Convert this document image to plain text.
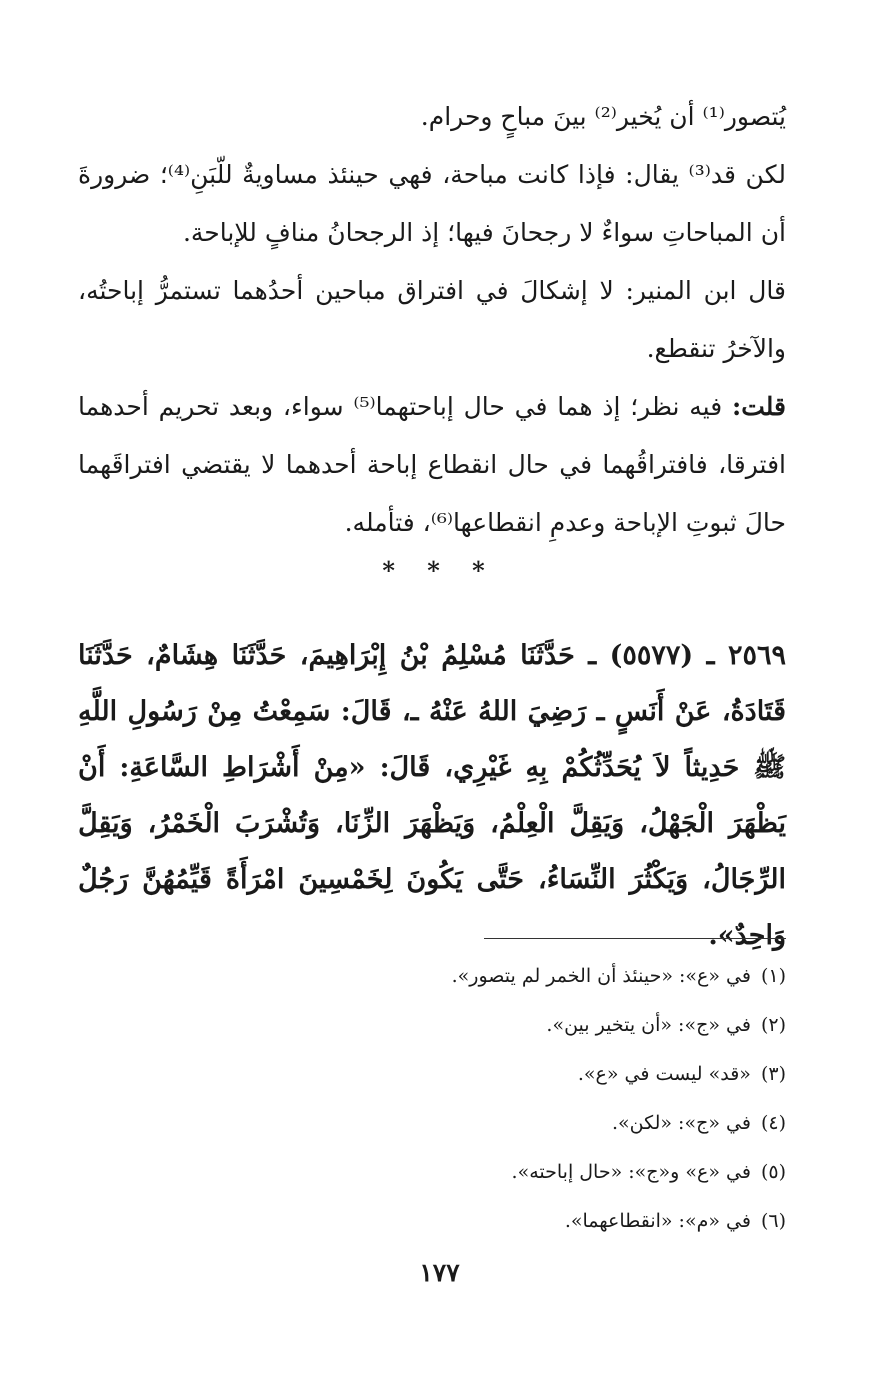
يُتصور⁽¹⁾ أن يُخير⁽²⁾ بينَ مباحٍ وحرام.

لكن قد⁽³⁾ يقال: فإذا كانت مباحة، فهي حينئذ مساويةٌ للّبَنِ⁽⁴⁾؛ ضرورةَ أن المباحاتِ سواءٌ لا رجحانَ فيها؛ إذ الرجحانُ منافٍ للإباحة.

قال ابن المنير: لا إشكالَ في افتراق مباحين أحدُهما تستمرُّ إباحتُه، والآخرُ تنقطع.

قلت: فيه نظر؛ إذ هما في حال إباحتهما⁽⁵⁾ سواء، وبعد تحريم أحدهما افترقا، فافتراقُهما في حال انقطاع إباحة أحدهما لا يقتضي افتراقَهما حالَ ثبوتِ الإباحة وعدمِ انقطاعها⁽⁶⁾، فتأمله.

* * *

٢٥٦٩ ـ (٥٥٧٧) ـ حَدَّثَنَا مُسْلِمُ بْنُ إِبْرَاهِيمَ، حَدَّثَنَا هِشَامٌ، حَدَّثَنَا قَتَادَةُ، عَنْ أَنَسٍ ـ رَضِيَ اللهُ عَنْهُ ـ، قَالَ: سَمِعْتُ مِنْ رَسُولِ اللَّهِ ﷺ حَدِيثاً لاَ يُحَدِّثُكُمْ بِهِ غَيْرِي، قَالَ: «مِنْ أَشْرَاطِ السَّاعَةِ: أَنْ يَظْهَرَ الْجَهْلُ، وَيَقِلَّ الْعِلْمُ، وَيَظْهَرَ الزِّنَا، وَتُشْرَبَ الْخَمْرُ، وَيَقِلَّ الرِّجَالُ، وَيَكْثُرَ النِّسَاءُ، حَتَّى يَكُونَ لِخَمْسِينَ امْرَأَةً قَيِّمُهُنَّ رَجُلٌ وَاحِدٌ».

(١)في «ع»: «حينئذ أن الخمر لم يتصور».
(٢)في «ج»: «أن يتخير بين».
(٣)«قد» ليست في «ع».
(٤)في «ج»: «لكن».
(٥)في «ع» و«ج»: «حال إباحته».
(٦)في «م»: «انقطاعهما».
١٧٧
